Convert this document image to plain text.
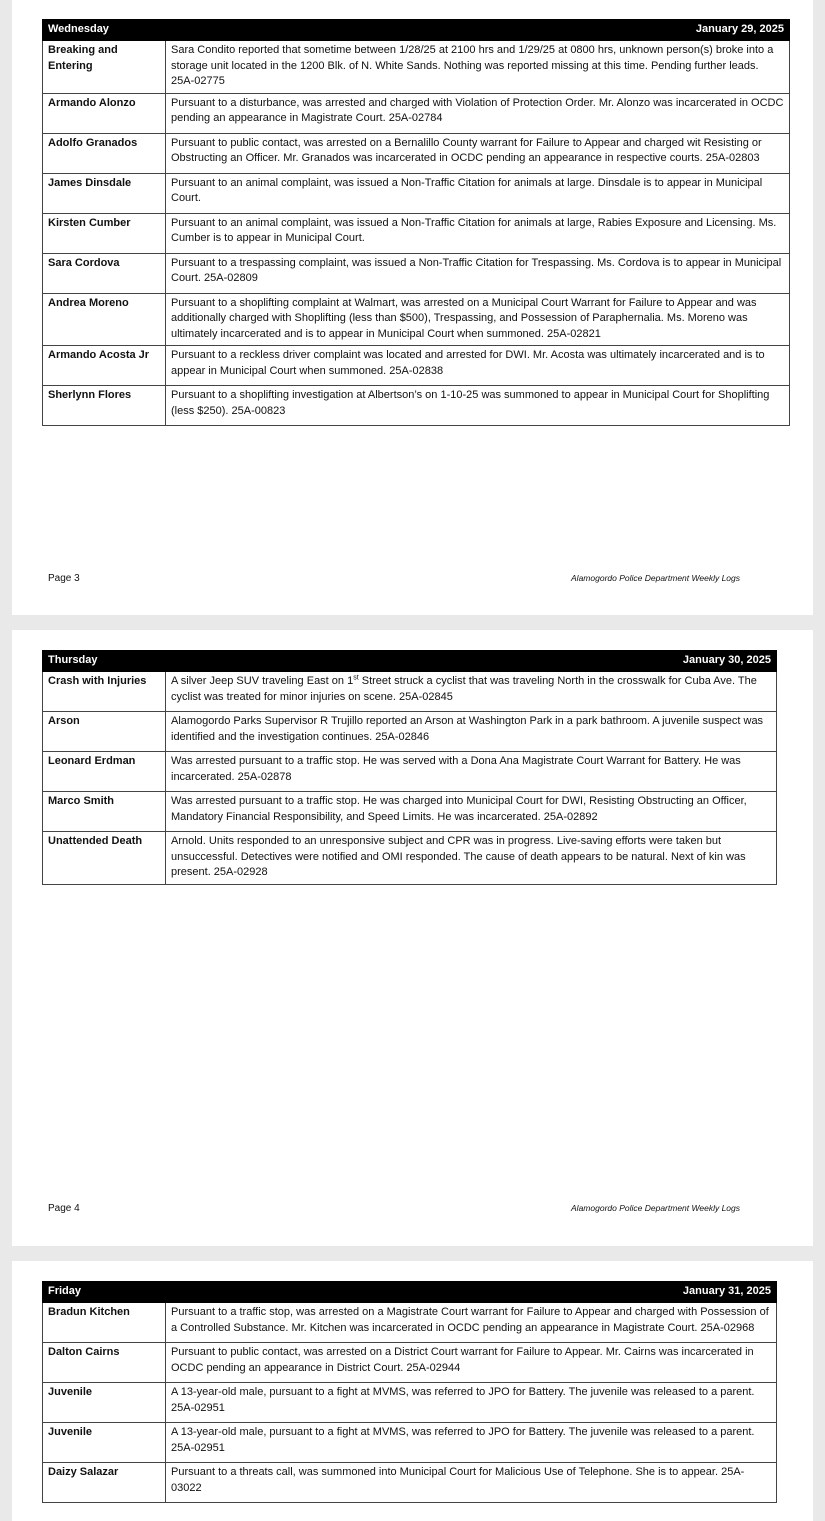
Wednesday	January 29, 2025
Breaking and Entering	Sara Condito reported that sometime between 1/28/25 at 2100 hrs and 1/29/25 at 0800 hrs, unknown person(s) broke into a storage unit located in the 1200 Blk. of N. White Sands. Nothing was reported missing at this time. Pending further leads. 25A-02775
Armando Alonzo	Pursuant to a disturbance, was arrested and charged with Violation of Protection Order. Mr. Alonzo was incarcerated in OCDC pending an appearance in Magistrate Court. 25A-02784
Adolfo Granados	Pursuant to public contact, was arrested on a Bernalillo County warrant for Failure to Appear and charged wit Resisting or Obstructing an Officer. Mr. Granados was incarcerated in OCDC pending an appearance in respective courts. 25A-02803
James Dinsdale	Pursuant to an animal complaint, was issued a Non-Traffic Citation for animals at large. Dinsdale is to appear in Municipal Court.
Kirsten Cumber	Pursuant to an animal complaint, was issued a Non-Traffic Citation for animals at large, Rabies Exposure and Licensing. Ms. Cumber is to appear in Municipal Court.
Sara Cordova	Pursuant to a trespassing complaint, was issued a Non-Traffic Citation for Trespassing. Ms. Cordova is to appear in Municipal Court. 25A-02809
Andrea Moreno	Pursuant to a shoplifting complaint at Walmart, was arrested on a Municipal Court Warrant for Failure to Appear and was additionally charged with Shoplifting (less than $500), Trespassing, and Possession of Paraphernalia. Ms. Moreno was ultimately incarcerated and is to appear in Municipal Court when summoned. 25A-02821
Armando Acosta Jr	Pursuant to a reckless driver complaint was located and arrested for DWI. Mr. Acosta was ultimately incarcerated and is to appear in Municipal Court when summoned. 25A-02838
Sherlynn Flores	Pursuant to a shoplifting investigation at Albertson’s on 1-10-25 was summoned to appear in Municipal Court for Shoplifting (less $250). 25A-00823
Page 3	Alamogordo Police Department Weekly Logs
Thursday	January 30, 2025
Crash with Injuries	A silver Jeep SUV traveling East on 1st Street struck a cyclist that was traveling North in the crosswalk for Cuba Ave. The cyclist was treated for minor injuries on scene. 25A-02845
Arson	Alamogordo Parks Supervisor R Trujillo reported an Arson at Washington Park in a park bathroom. A juvenile suspect was identified and the investigation continues. 25A-02846
Leonard Erdman	Was arrested pursuant to a traffic stop. He was served with a Dona Ana Magistrate Court Warrant for Battery. He was incarcerated. 25A-02878
Marco Smith	Was arrested pursuant to a traffic stop. He was charged into Municipal Court for DWI, Resisting Obstructing an Officer, Mandatory Financial Responsibility, and Speed Limits. He was incarcerated. 25A-02892
Unattended Death	Arnold. Units responded to an unresponsive subject and CPR was in progress. Live-saving efforts were taken but unsuccessful. Detectives were notified and OMI responded. The cause of death appears to be natural. Next of kin was present. 25A-02928
Page 4	Alamogordo Police Department Weekly Logs
Friday	January 31, 2025
Bradun Kitchen	Pursuant to a traffic stop, was arrested on a Magistrate Court warrant for Failure to Appear and charged with Possession of a Controlled Substance. Mr. Kitchen was incarcerated in OCDC pending an appearance in Magistrate Court. 25A-02968
Dalton Cairns	Pursuant to public contact, was arrested on a District Court warrant for Failure to Appear. Mr. Cairns was incarcerated in OCDC pending an appearance in District Court. 25A-02944
Juvenile	A 13-year-old male, pursuant to a fight at MVMS, was referred to JPO for Battery. The juvenile was released to a parent. 25A-02951
Juvenile	A 13-year-old male, pursuant to a fight at MVMS, was referred to JPO for Battery. The juvenile was released to a parent. 25A-02951
Daizy Salazar	Pursuant to a threats call, was summoned into Municipal Court for Malicious Use of Telephone. She is to appear. 25A-03022
